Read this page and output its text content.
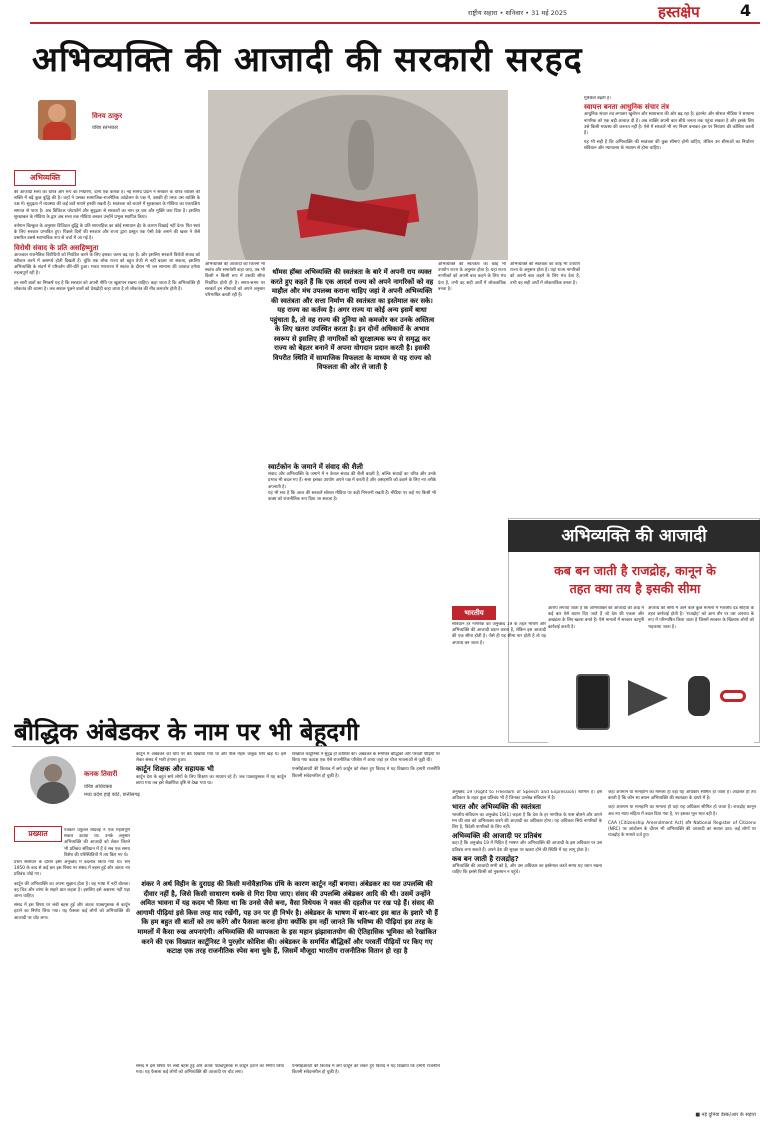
राष्ट्रीय सहारा • शनिवार • 31 मई 2025	हस्तक्षेप	4
अभिव्यक्ति की आजादी की सरकारी सरहद
विनय ठाकुर
वरिष्ठ स्तंभकार
अभिव्यक्ति

की आजादी सत्ता का चरित्र और रूप का निर्धारण, दोनों एक कारक है। नई सामग्र प्रदान ने सरकार के चरित्र व्यक्ति की शक्ति में बढ़ें कुछ बुद्धि की है। जहाँ ने उसका सामाजिक-राजनैतिक आंदोलन के पक्ष में, उसकी ही तरफ़ उस व्यक्ति के पक्ष में। सुदृढ़ता में व्यवस्था की कई बातें मायने इनकी रखती है। स्वतंत्रता को बचाने में सुरक्षाबल के मीडिया का एकपक्षिय समाप्त से पाया है। अब डिजिटल प्लेटफॉर्म और सुदृढ़ता से सरकारों का नाम हर बार और मुक्ति करा दिया है। इसलिए सुरक्षाबल के मीडिया के द्वार अब सत्ता तक मीडिया बनकर उन्होंने प्रभुत्व स्थापित किया।

वर्तमान बिल्कुल के अनुसार डिजिटल बुद्धि के प्रति साप्ताहिक का कोई समाधान ईंट के कारण दिखाई नहीं देता। फिर स्वयं के लिए सरकार प्रभावित हुए। पिछले दिनों की सरकार और राज्य द्वारा प्रस्तुत एक ऐसी ठेके बनाने की खबर ने जैसे प्रसारित उससे स्वाभाविक रूप से चर्चा में आ गई है।

विरोधी संवाद के प्रति असहिष्णुता

आजकल राजनैतिक विरोधियों को नियंत्रित करने के लिए इसका चलन बढ़ रहा है। और इसलिए सरकारें विरोधी संवाद को स्वीकार करने में असमर्थ होती दिखती हैं। चूंकि एक लोक राज्य को बहुत तेजी से नहीं बदला जा सकता, इसलिए अभिव्यक्ति के संदर्भ में परिवर्तन धीरे-धीरे हुआ। भारत गणराज्य में स्वतंत्र के दौरान भी जन सामान्य की आवाज़ हमेशा महत्वपूर्ण रही है।

इन सारी बातों का निष्कर्ष यह है कि सरकार को अपनी नीति पर खुलापन रखना चाहिए। कहा जाता है कि अभिव्यक्ति ही लोकतंत्र की आत्मा है। जब सवाल पूछने वालों को देशद्रोही कहा जाता है तो लोकतंत्र की नींव कमजोर होती है।

अभिव्यक्ति की आजादी को जितनी भी स्वतंत्र और समावेशी कहा जाए, तब भी किसी न किसी रूप में उसकी सीमा निर्धारित होती ही है। समय-समय पर सरकारें इन सीमाओं को अपने अनुसार परिभाषित करती रही हैं।

थॉमस हॉब्स अभिव्यक्ति की स्वतंत्रता के बारे में अपनी राय व्यक्त करते हुए कहते हैं कि एक आदर्श राज्य को अपने नागरिकों को वह माहौल और मंच उपलब्ध कराना चाहिए जहां वे अपनी अभिव्यक्ति की स्वतंत्रता और सत्ता निर्माण की स्वतंत्रता का इस्तेमाल कर सके। यह राज्य का कर्तव्य है। अगर राज्य या कोई अन्य इसमें बाधा पहुंचाता है, तो वह राज्य की दुनिया को कमजोर कर उनके अस्तित्व के लिए खतरा उपस्थित करता है। इन दोनों अधिकारों के अभाव स्वरूप से इसलिए ही नागरिकों को सुरक्षात्मक रूप से समृद्ध कर राज्य को बेहतर बनाने में अपना योगदान प्रदान करती है। इसकी विपरीत स्थिति में सामाजिक विफलता के माध्यम से यह राज्य को विफलता की ओर ले जाती है
स्वार्टकोन के जमाने में संवाद की शैली

संवाद और अभिव्यक्ति के जमाने में न केवल संवाद की शैली बदली है, बल्कि संवादों का चरित्र और उनके प्रभाव भी बदल गए हैं। सत्ता इसका उपयोग अपने पक्ष में करती है और असहमति को दबाने के लिए नए तरीके अपनाती है।

यह भी सच है कि आज की सरकारें सोशल मीडिया पर कड़ी निगरानी रखती हैं। मीडिया पर कहे गए किसी भी वाक्य को राजनीतिक रूप दिया जा सकता है।

अभिव्यक्ति की स्वतंत्रता का कोई भी उपयोग राज्य के अनुसार होता है। यहां राज्य नागरिकों को अपनी बात कहने के लिए मंच देता है, तभी वह सही अर्थों में लोकतांत्रिक बनता है।

मुश्किलें बढ़ती हैं।

स्वायत्त बनता आधुनिक संचार तंत्र

आधुनिक संचार तंत्र लगातार खुलेपन और स्वायत्तता की ओर बढ़ रहा है। इंटरनेट और सोशल मीडिया ने सामान्य नागरिक को एक बड़ी आवाज़ दी है। अब व्यक्ति अपनी बात सीधे जनता तक पहुंचा सकता है और इसके लिए उसे किसी मध्यस्थ की जरूरत नहीं है। ऐसे में सरकारें भी नए नियम बनाकर इस पर नियंत्रण की कोशिश करती हैं।

यह भी सही है कि अभिव्यक्ति की स्वतंत्रता की कुछ सीमाएं होनी चाहिए, लेकिन उन सीमाओं का निर्धारण संविधान और न्यायालय के माध्यम से होना चाहिए।

अभिव्यक्ति की स्वतंत्रता का कोई भी उपयोग राज्य के अनुसार होता है। यहां राज्य नागरिकों को अपनी बात कहने के लिए मंच देता है, तभी वह सही अर्थों में लोकतांत्रिक बनता है।

अभिव्यक्ति की आजादी
कब बन जाती है राजद्रोह, कानून के
तहत क्या तय है इसकी सीमा
भारतीय

संविधान हर नागरिक को अनुच्छेद 19 के तहत भाषण और अभिव्यक्ति की आजादी प्रदान करता है, लेकिन इस आजादी की एक सीमा होती है। जैसे ही यह सीमा पार होती है तो यह अपराध बन जाता है।

आरोप लगाया जाता है कि अभिव्यक्ति की आजादी की आड़ में कई बार ऐसे बयान दिए जाते हैं जो देश की एकता और अखंडता के लिए खतरा बनते हैं। ऐसे मामलों में सरकार कानूनी कार्रवाई करती है।

अपराध की श्रेणी में आने वाले कुछ मामलों में भारतीय दंड संहिता के तहत कार्रवाई होती है। 'राजद्रोह' को आम तौर पर उस अपराध के रूप में परिभाषित किया जाता है जिसमें सरकार के खिलाफ लोगों को भड़काया जाता है।

बौद्धिक अंबेडकर के नाम पर भी बेहूदगी
कनक तिवारी
वरिष्ठ अधिवक्ता
मध्य प्रदेश हाई कोर्ट, छत्तीसगढ़
प्रख्यात	पत्रकार प्रफुल्ल बिदवई ने एक महत्वपूर्ण सवाल उठाया था। उनके अनुसार अभिव्यक्ति की आजादी को लेकर जितने भी प्रतिबंध संविधान में हैं वे सब एक समय विशेष की परिस्थितियों में तय किए गए थे।

प्रथम संशोधन के दौरान इसी अनुच्छेद में बदलाव किया गया था। सन् 1950 के बाद से कई बार इस विषय पर संसद में बहस हुई और अंततः नए प्रतिबंध जोड़े गए।

कार्टून की अभिव्यक्ति का अपना सुझाव होता है। बह भाषा में नहीं बोलता। वह चित्र और व्यंग्य के सहारे बात कहता है। इसलिए इसे अक्षरशः नहीं पढ़ा जाना चाहिए।

संसद में इस विषय पर लंबी बहस हुई और अंततः पाठ्यपुस्तक से कार्टून हटाने का निर्णय लिया गया। यह फैसला कई लोगों को अभिव्यक्ति की आजादी पर चोट लगा।

कार्टून में अंबेडकर को घोंघे पर बैठे दिखाया गया था और पीछे नेहरू चाबुक लिए खड़े थे। इसे लेकर संसद में भारी हंगामा हुआ।

कार्टून शिक्षक और सहायक भी

कार्टून देश के बहुत सारे लोगों के लिए शिक्षण का माध्यम रहे हैं। जब पाठ्यपुस्तक में यह कार्टून छापा गया तब इसे शैक्षणिक दृष्टि से देखा गया था।

विख्यात कार्टूनिस्ट ने सुदृढ़ हो कोशिश की। अंबेडकर के समर्थित बौद्धिकों और परवर्ती पीढ़ियों पर किया गया कटाक्ष एक ऐसे राजनीतिक परिवेश में आया जहां हर चीज भावनाओं से जुड़ी थी।

एनसीईआरटी की किताब में छपे कार्टून को लेकर हुए विवाद ने यह दिखाया कि हमारी राजनीति कितनी संवेदनशील हो चुकी है।

शंकर ने अर्थ विहीन के दुराग्रह की किसी मनोवैज्ञानिक ग्रंथि के कारण कार्टून नहीं बनाया। अंबेडकर का यश उपलब्धि की दीवार नहीं है, जिसे किसी साधारण धक्के से गिरा दिया जाए। संसद की उपलब्धि अंबेडकर आदि की थी। उसमें उन्होंने अमित भावना में यह कदम भी किया था कि उनसे जैसे बना, वैसा विधेयक ने वक्त की दहलीज पर रख पड़े हैं। संसद की आगामी पीढ़ियां इसे किस तरह याद रखेंगी, यह उन पर ही निर्भर है। अंबेडकर के भाषण में बार-बार इस बात के इशारे भी हैं कि हम बहुत सी बातों को तय करेंगे और फैसला करना होगा क्योंकि हम नहीं जानते कि भविष्य की पीढ़ियां इस तरह के मामलों में कैसा रुख अपनाएंगी। अभिव्यक्ति की व्यापकता के इस महान झंझावातयोग की ऐतिहासिक भूमिका को रेखांकित करने की एक विख्यात कार्टूनिस्ट ने पुरज़ोर कोशिश की। अंबेडकर के समर्थित बौद्धिकों और परवर्ती पीढ़ियों पर किए गए कटाक्ष एक तरह राजनीतिक स्पेस बना चुके हैं, जिसमें मौजूदा भारतीय राजनीतिक वितान हो रहा है

संसद में इस विषय पर लंबी बहस हुई और अंततः पाठ्यपुस्तक से कार्टून हटाने का निर्णय लिया गया। यह फैसला कई लोगों को अभिव्यक्ति की आजादी पर चोट लगा।

एनसीईआरटी की किताब में छपे कार्टून को लेकर हुए विवाद ने यह दिखाया कि हमारी राजनीति कितनी संवेदनशील हो चुकी है।

अनुच्छेद 19 (Right to Freedom of Speech and Expression) शामिल है। इस अधिकार के तहत कुछ प्रतिबंध भी हैं जिनका उल्लेख संविधान में है।

भारत और अभिव्यक्ति की स्वतंत्रता

भारतीय संविधान का अनुच्छेद 19(1) कहता है कि देश के हर नागरिक के पास बोलने और अपने मन की बात को अभिव्यक्त करने की आज़ादी का अधिकार होगा। यह अधिकार सिर्फ नागरिकों के लिए है, विदेशी नागरिकों के लिए नहीं।

अभिव्यक्ति की आजादी पर प्रतिबंध

कहा है कि अनुच्छेद 19 में निहित है भाषण और अभिव्यक्ति की आजादी के इस अधिकार पर उस प्रतिबंध लगा सकते हैं। अपने देश की सुरक्षा पर खतरा होने की स्थिति में यह लागू होता है।

कब बन जाती है राजद्रोह?

अभिव्यक्ति की आजादी सभी को है, और उस अधिकार का इस्तेमाल करते समय यह ध्यान रखना चाहिए कि इससे किसी को नुकसान न पहुंचे।

जहां अपमान या मानहानि का मामला हो वहां यह अधिकार सीमित हो जाता है। अदालत ही तय करती है कि कौन सा बयान अभिव्यक्ति की स्वतंत्रता के दायरे में है।

जहां अपमान या मानहानि का मामला हो वहां यह अधिकार सीमित हो जाता है। राजद्रोह कानून अब नए न्याय संहिता में बदल दिया गया है, पर इसका मूल भाव वही है।

CAA (Citizenship Amendment Act) और National Register of Citizens (NRC) पर आंदोलन के दौरान भी अभिव्यक्ति की आजादी का सवाल उठा। कई लोगों पर राजद्रोह के मामले दर्ज हुए।

■ नई दुनिया डेस्क/आर के सहारा
